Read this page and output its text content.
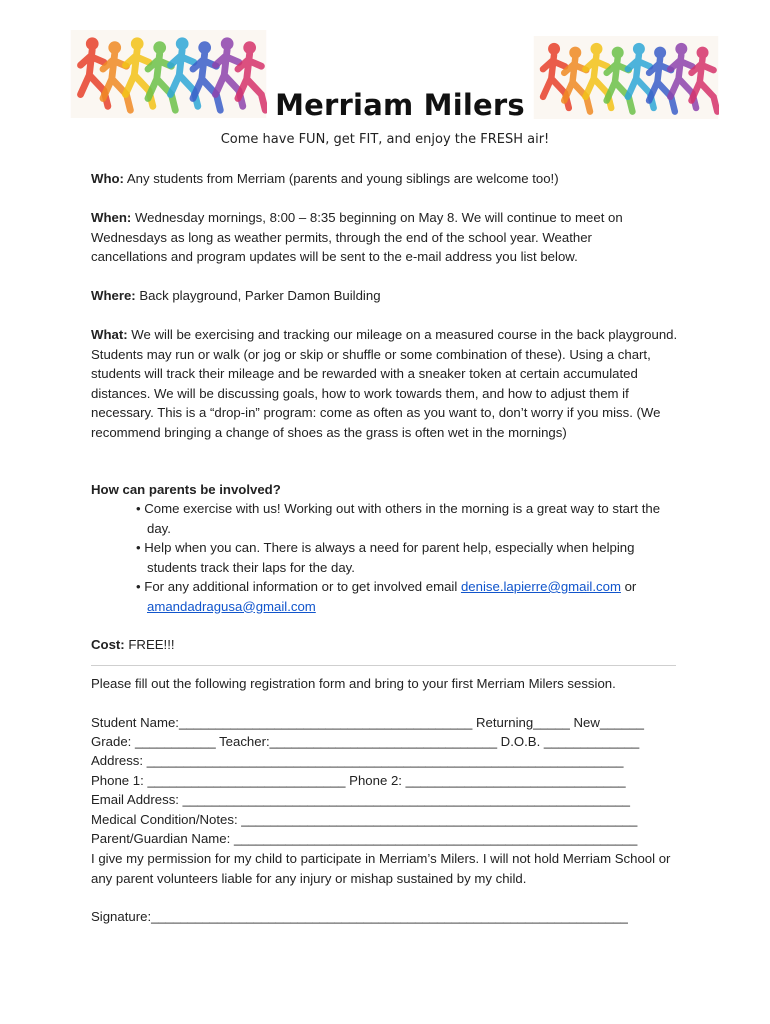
Merriam Milers
Come have FUN, get FIT, and enjoy the FRESH air!
Who: Any students from Merriam (parents and young siblings are welcome too!)
When: Wednesday mornings, 8:00 – 8:35 beginning on May 8. We will continue to meet on Wednesdays as long as weather permits, through the end of the school year. Weather cancellations and program updates will be sent to the e-mail address you list below.
Where: Back playground, Parker Damon Building
What: We will be exercising and tracking our mileage on a measured course in the back playground. Students may run or walk (or jog or skip or shuffle or some combination of these). Using a chart, students will track their mileage and be rewarded with a sneaker token at certain accumulated distances. We will be discussing goals, how to work towards them, and how to adjust them if necessary. This is a “drop-in” program: come as often as you want to, don’t worry if you miss. (We recommend bringing a change of shoes as the grass is often wet in the mornings)
How can parents be involved?
• Come exercise with us! Working out with others in the morning is a great way to start the day.
• Help when you can. There is always a need for parent help, especially when helping students track their laps for the day.
• For any additional information or to get involved email denise.lapierre@gmail.com or amandadragusa@gmail.com
Cost: FREE!!!
Please fill out the following registration form and bring to your first Merriam Milers session.
Student Name:________________________________________ Returning_____ New______
Grade: ___________ Teacher:_______________________________ D.O.B. _____________
Address: _________________________________________________________________
Phone 1: ___________________________ Phone 2: ______________________________
Email Address: _____________________________________________________________
Medical Condition/Notes: ______________________________________________________
Parent/Guardian Name: _______________________________________________________
I give my permission for my child to participate in Merriam’s Milers. I will not hold Merriam School or any parent volunteers liable for any injury or mishap sustained by my child.
Signature:_________________________________________________________________
